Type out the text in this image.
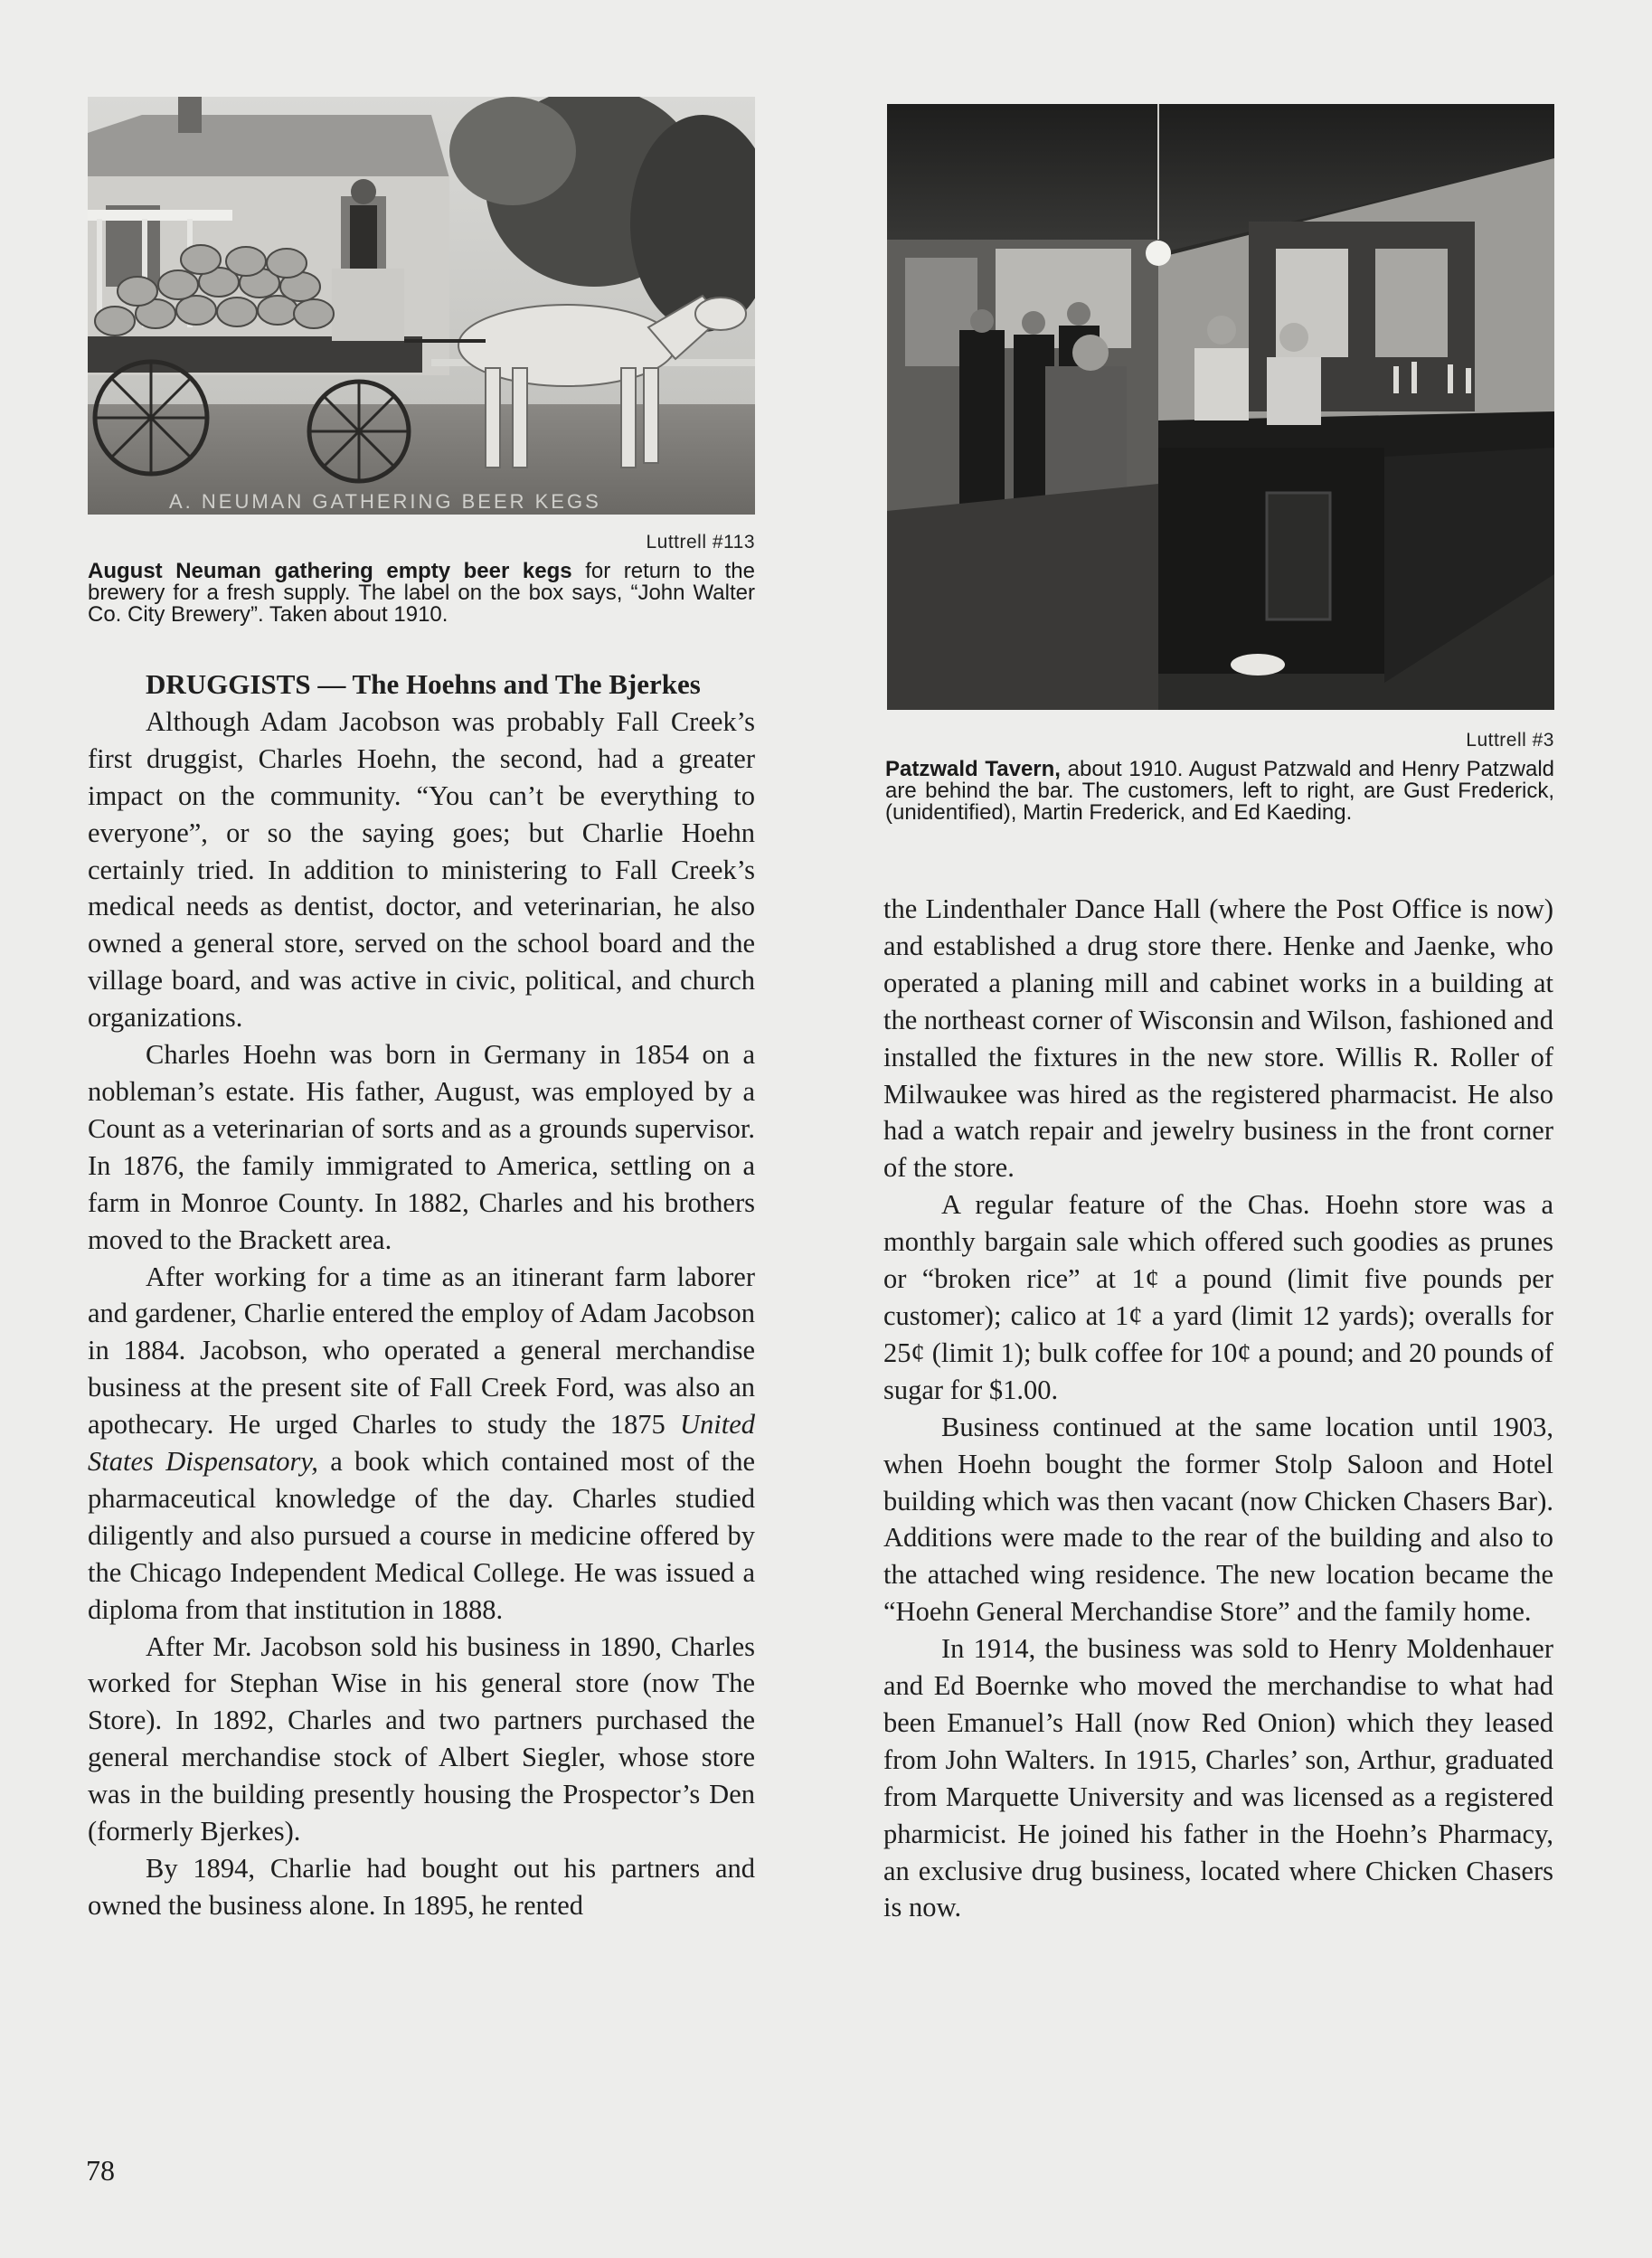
A. NEUMAN GATHERING BEER KEGS
Luttrell #113
August Neuman gathering empty beer kegs for return to the brewery for a fresh supply. The label on the box says, “John Walter Co. City Brewery”. Taken about 1910.
Luttrell #3
Patzwald Tavern, about 1910. August Patzwald and Henry Patzwald are behind the bar. The customers, left to right, are Gust Frederick, (unidentified), Martin Frederick, and Ed Kaeding.

DRUGGISTS — The Hoehns and The Bjerkes

Although Adam Jacobson was probably Fall Creek’s first druggist, Charles Hoehn, the second, had a greater impact on the community. “You can’t be everything to everyone”, or so the saying goes; but Charlie Hoehn certainly tried. In addition to ministering to Fall Creek’s medical needs as dentist, doctor, and veterinarian, he also owned a general store, served on the school board and the village board, and was active in civic, political, and church organizations.

Charles Hoehn was born in Germany in 1854 on a nobleman’s estate. His father, August, was employed by a Count as a veterinarian of sorts and as a grounds supervisor. In 1876, the family immigrated to America, settling on a farm in Monroe County. In 1882, Charles and his brothers moved to the Brackett area.

After working for a time as an itinerant farm laborer and gardener, Charlie entered the employ of Adam Jacobson in 1884. Jacobson, who operated a general merchandise business at the present site of Fall Creek Ford, was also an apothecary. He urged Charles to study the 1875 United States Dispensatory, a book which contained most of the pharmaceutical knowledge of the day. Charles studied diligently and also pursued a course in medicine offered by the Chicago Independent Medical College. He was issued a diploma from that institution in 1888.

After Mr. Jacobson sold his business in 1890, Charles worked for Stephan Wise in his general store (now The Store). In 1892, Charles and two partners purchased the general merchandise stock of Albert Siegler, whose store was in the building presently housing the Prospector’s Den (formerly Bjerkes).

By 1894, Charlie had bought out his partners and owned the business alone. In 1895, he rented

the Lindenthaler Dance Hall (where the Post Office is now) and established a drug store there. Henke and Jaenke, who operated a planing mill and cabinet works in a building at the northeast corner of Wisconsin and Wilson, fashioned and installed the fixtures in the new store. Willis R. Roller of Milwaukee was hired as the registered pharmacist. He also had a watch repair and jewelry business in the front corner of the store.

A regular feature of the Chas. Hoehn store was a monthly bargain sale which offered such goodies as prunes or “broken rice” at 1¢ a pound (limit five pounds per customer); calico at 1¢ a yard (limit 12 yards); overalls for 25¢ (limit 1); bulk coffee for 10¢ a pound; and 20 pounds of sugar for $1.00.

Business continued at the same location until 1903, when Hoehn bought the former Stolp Saloon and Hotel building which was then vacant (now Chicken Chasers Bar). Additions were made to the rear of the building and also to the attached wing residence. The new location became the “Hoehn General Merchandise Store” and the family home.

In 1914, the business was sold to Henry Moldenhauer and Ed Boernke who moved the merchandise to what had been Emanuel’s Hall (now Red Onion) which they leased from John Walters. In 1915, Charles’ son, Arthur, graduated from Marquette University and was licensed as a registered pharmicist. He joined his father in the Hoehn’s Pharmacy, an exclusive drug business, located where Chicken Chasers is now.

78
